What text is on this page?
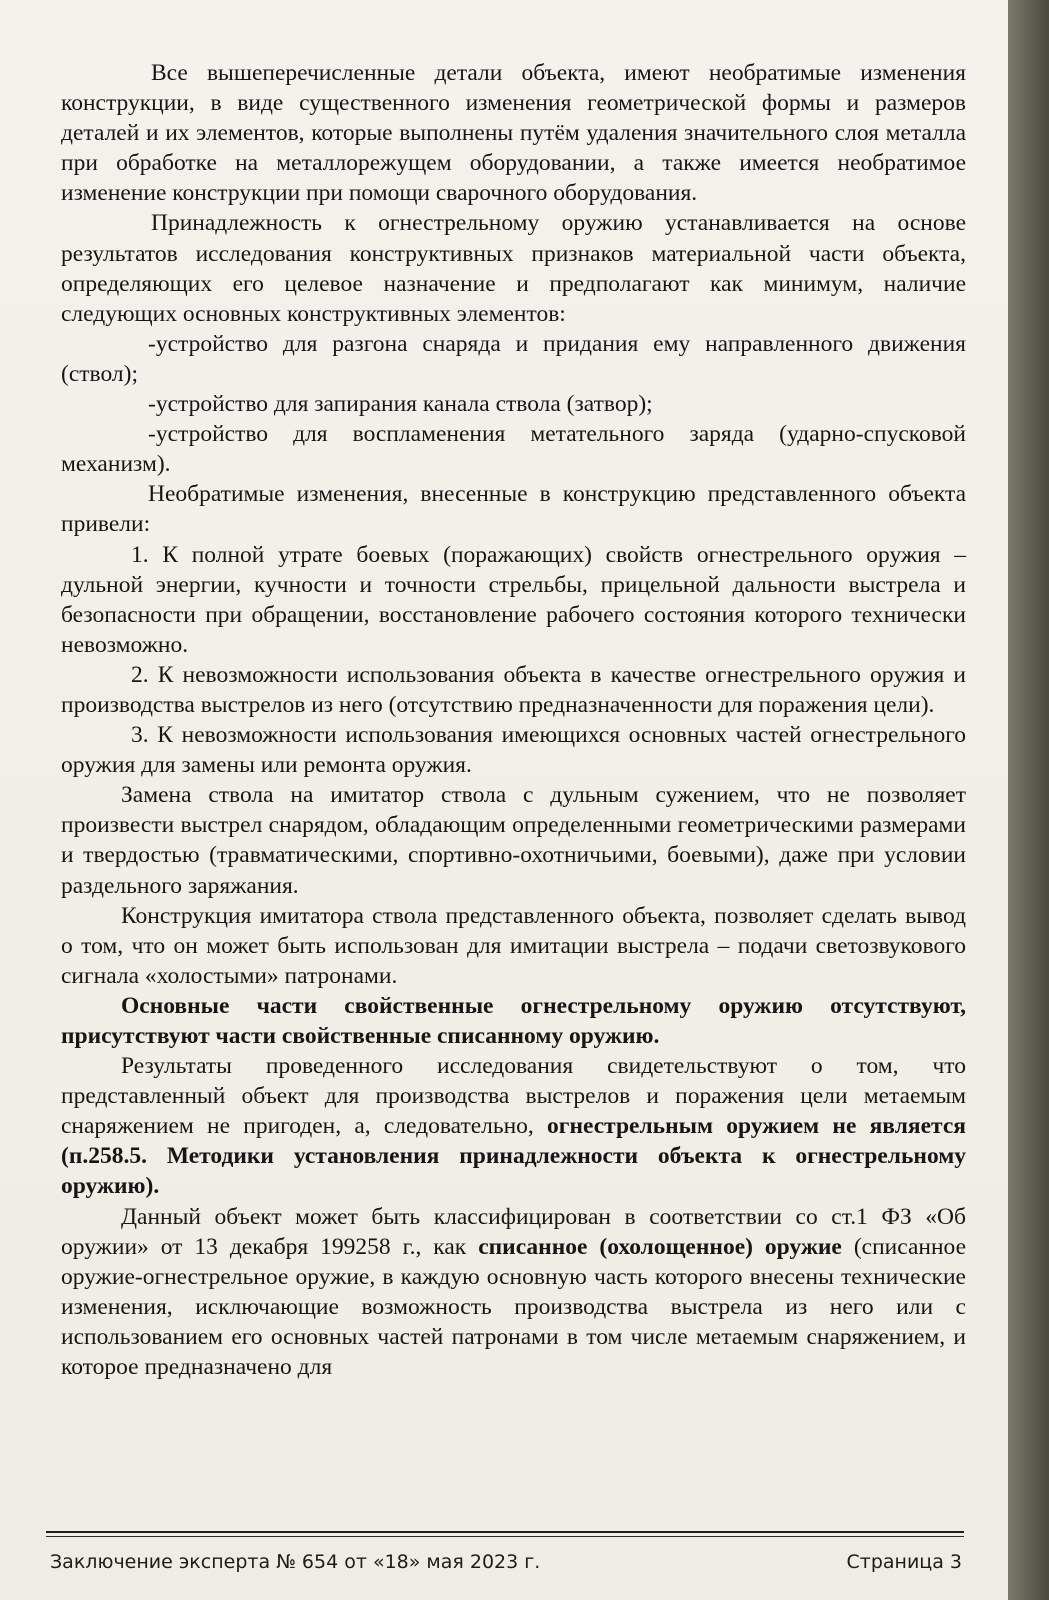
Все вышеперечисленные детали объекта, имеют необратимые изменения конструкции, в виде существенного изменения геометрической формы и размеров деталей и их элементов, которые выполнены путём удаления значительного слоя металла при обработке на металлорежущем оборудовании, а также имеется необратимое изменение конструкции при помощи сварочного оборудования.

Принадлежность к огнестрельному оружию устанавливается на основе результатов исследования конструктивных признаков материальной части объекта, определяющих его целевое назначение и предполагают как минимум, наличие следующих основных конструктивных элементов:

-устройство для разгона снаряда и придания ему направленного движения (ствол);

-устройство для запирания канала ствола (затвор);

-устройство для воспламенения метательного заряда (ударно-спусковой механизм).

Необратимые изменения, внесенные в конструкцию представленного объекта привели:

1. К полной утрате боевых (поражающих) свойств огнестрельного оружия – дульной энергии, кучности и точности стрельбы, прицельной дальности выстрела и безопасности при обращении, восстановление рабочего состояния которого технически невозможно.

2. К невозможности использования объекта в качестве огнестрельного оружия и производства выстрелов из него (отсутствию предназначенности для поражения цели).

3. К невозможности использования имеющихся основных частей огнестрельного оружия для замены или ремонта оружия.

Замена ствола на имитатор ствола с дульным сужением, что не позволяет произвести выстрел снарядом, обладающим определенными геометрическими размерами и твердостью (травматическими, спортивно-охотничьими, боевыми), даже при условии раздельного заряжания.

Конструкция имитатора ствола представленного объекта, позволяет сделать вывод о том, что он может быть использован для имитации выстрела – подачи светозвукового сигнала «холостыми» патронами.

Основные части свойственные огнестрельному оружию отсутствуют, присутствуют части свойственные списанному оружию.

Результаты проведенного исследования свидетельствуют о том, что представленный объект для производства выстрелов и поражения цели метаемым снаряжением не пригоден, а, следовательно, огнестрельным оружием не является (п.258.5. Методики установления принадлежности объекта к огнестрельному оружию).

Данный объект может быть классифицирован в соответствии со ст.1 ФЗ «Об оружии» от 13 декабря 199258 г., как списанное (охолощенное) оружие (списанное оружие-огнестрельное оружие, в каждую основную часть которого внесены технические изменения, исключающие возможность производства выстрела из него или с использованием его основных частей патронами в том числе метаемым снаряжением, и которое предназначено для

Заключение эксперта № 654 от «18» мая 2023 г.	Страница 3
